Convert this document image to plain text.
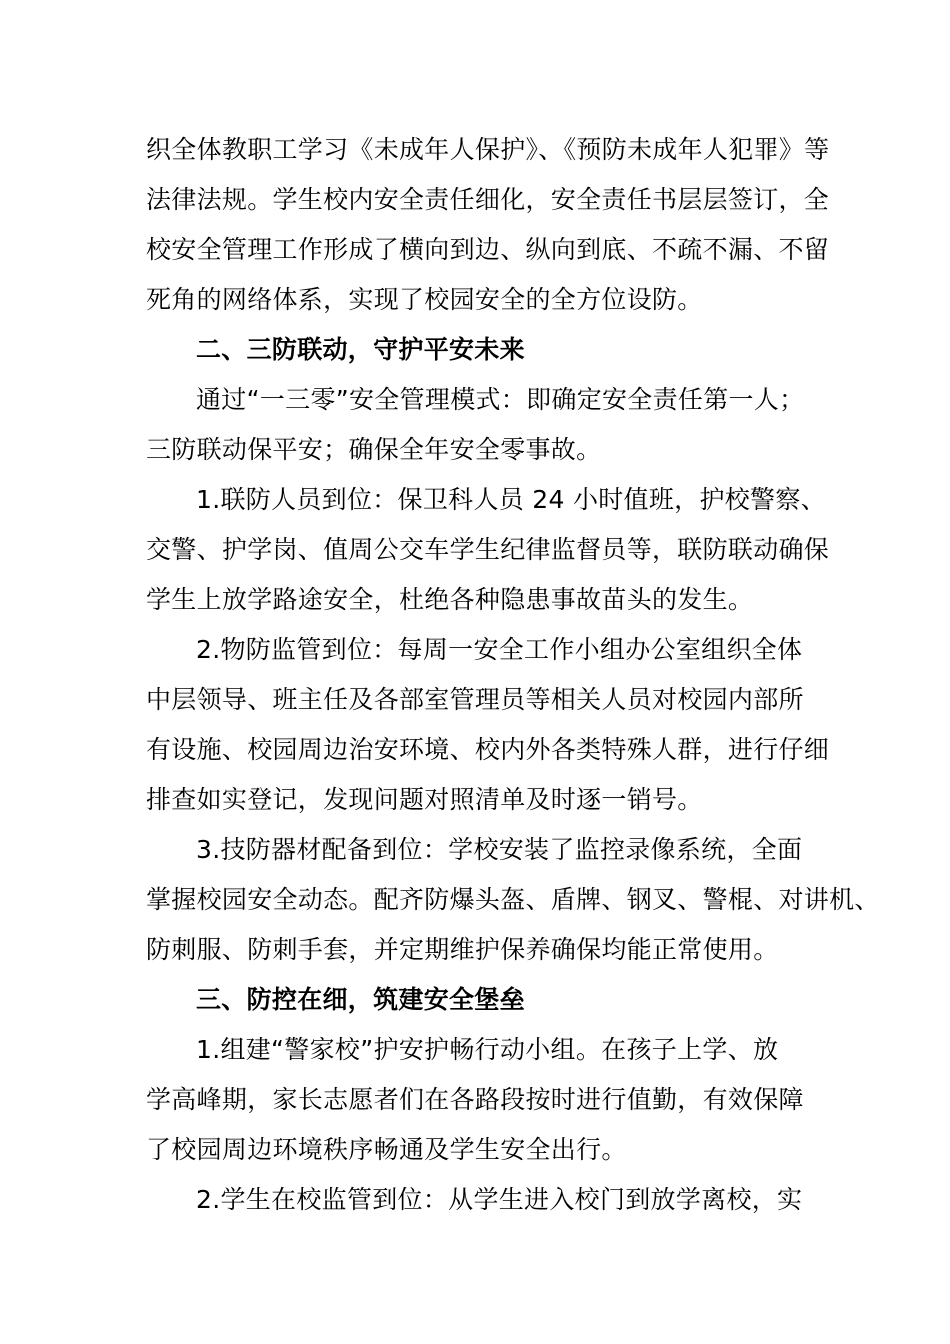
织全体教职工学习《未成年人保护》、《预防未成年人犯罪》等
法律法规。学生校内安全责任细化，安全责任书层层签订，全
校安全管理工作形成了横向到边、纵向到底、不疏不漏、不留
死角的网络体系，实现了校园安全的全方位设防。
二、三防联动，守护平安未来
通过“一三零”安全管理模式：即确定安全责任第一人；
三防联动保平安；确保全年安全零事故。
1.联防人员到位：保卫科人员 24 小时值班，护校警察、
交警、护学岗、值周公交车学生纪律监督员等，联防联动确保
学生上放学路途安全，杜绝各种隐患事故苗头的发生。
2.物防监管到位：每周一安全工作小组办公室组织全体
中层领导、班主任及各部室管理员等相关人员对校园内部所
有设施、校园周边治安环境、校内外各类特殊人群，进行仔细
排查如实登记，发现问题对照清单及时逐一销号。
3.技防器材配备到位：学校安装了监控录像系统，全面
掌握校园安全动态。配齐防爆头盔、盾牌、钢叉、警棍、对讲机、
防刺服、防刺手套，并定期维护保养确保均能正常使用。
三、防控在细，筑建安全堡垒
1.组建“警家校”护安护畅行动小组。在孩子上学、放
学高峰期，家长志愿者们在各路段按时进行值勤，有效保障
了校园周边环境秩序畅通及学生安全出行。
2.学生在校监管到位：从学生进入校门到放学离校，实
